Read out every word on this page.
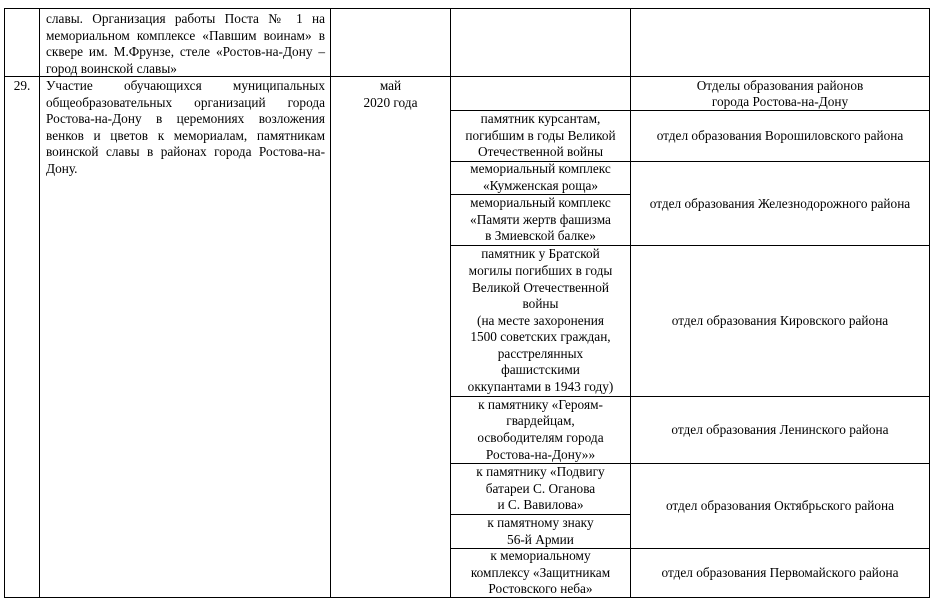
славы. Организация работы Поста № 1 на мемориальном комплексе «Павшим воинам» в сквере им. М.Фрунзе, стеле «Ростов-на-Дону – город воинской славы»
29.	Участие обучающихся муниципальных общеобразовательных организаций города Ростова-на-Дону в церемониях возложения венков и цветов к мемориалам, памятникам воинской славы в районах города Ростова-на-Дону.
май
2020 года
памятник курсантам,
погибшим в годы Великой
Отечественной войны
мемориальный комплекс
«Кумженская роща»
мемориальный комплекс
«Памяти жертв фашизма
в Змиевской балке»
памятник у Братской
могилы погибших в годы
Великой Отечественной
войны
(на месте захоронения
1500 советских граждан,
расстрелянных
фашистскими
оккупантами в 1943 году)
к памятнику «Героям-
гвардейцам,
освободителям города
Ростова-на-Дону»»
к памятнику «Подвигу
батареи С. Оганова
и С. Вавилова»
к памятному знаку
56-й Армии
к мемориальному
комплексу «Защитникам
Ростовского неба»
Отделы образования районов
города Ростова-на-Дону
отдел образования Ворошиловского района
отдел образования Железнодорожного района
отдел образования Кировского района
отдел образования Ленинского района
отдел образования Октябрьского района
отдел образования Первомайского района
